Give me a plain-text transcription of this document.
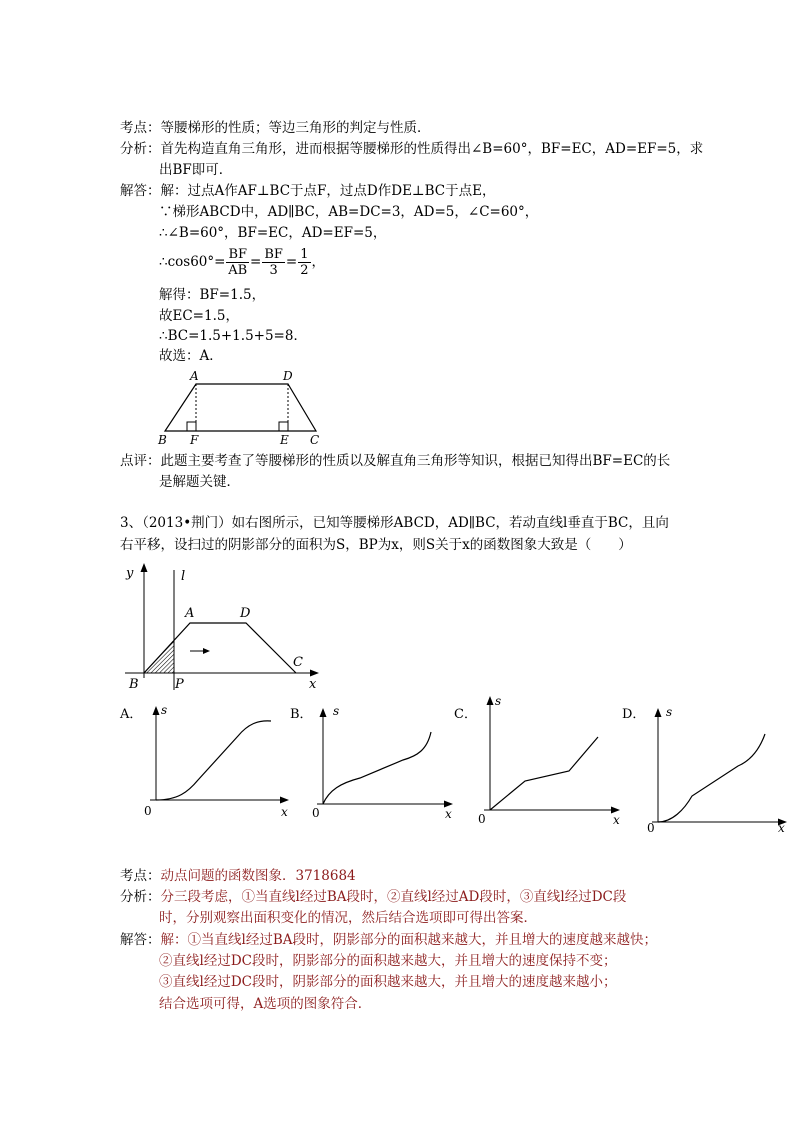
考点：等腰梯形的性质；等边三角形的判定与性质．
分析：首先构造直角三角形，进而根据等腰梯形的性质得出∠B=60°，BF=EC，AD=EF=5，求
出BF即可．
解答：解：过点A作AF⊥BC于点F，过点D作DE⊥BC于点E，
∵梯形ABCD中，AD∥BC，AB=DC=3，AD=5，∠C=60°，
∴∠B=60°，BF=EC，AD=EF=5，
∴cos60°= $\frac{BF}{AB} = \frac{BF}{3} = \frac{1}{2}$ ，
解得：BF=1.5，
故EC=1.5，
∴BC=1.5+1.5+5=8．
故选：A．
A	D
B F	E C
点评：此题主要考查了等腰梯形的性质以及解直角三角形等知识，根据已知得出BF=EC的长
是解题关键．
3、（2013•荆门）如右图所示，已知等腰梯形ABCD，AD∥BC，若动直线l垂直于BC，且向
右平移，设扫过的阴影部分的面积为S，BP为x，则S关于x的函数图象大致是（　　）
y	l
A	D
B	P
C
x
A． s
x
0
B． s
x
0
C．
s
x
0
D． s
x
0
考点：动点问题的函数图象．3718684
分析：分三段考虑，①当直线l经过BA段时，②直线l经过AD段时，③直线l经过DC段
时，分别观察出面积变化的情况，然后结合选项即可得出答案．
解答：解：①当直线l经过BA段时，阴影部分的面积越来越大，并且增大的速度越来越快；
②直线l经过DC段时，阴影部分的面积越来越大，并且增大的速度保持不变；
③直线l经过DC段时，阴影部分的面积越来越大，并且增大的速度越来越小；
结合选项可得，A选项的图象符合．
